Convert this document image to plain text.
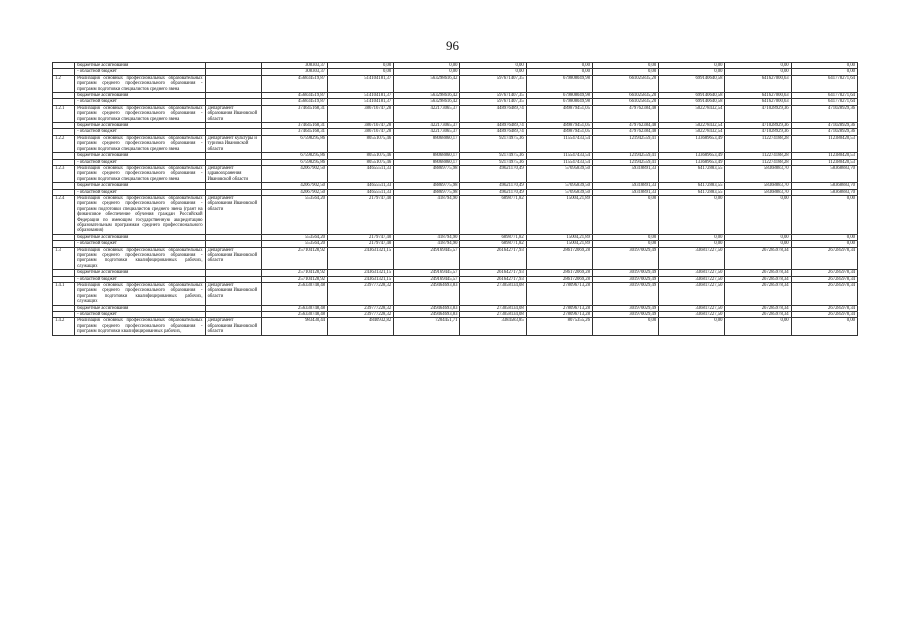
96
	бюджетные ассигнования		308303,37	0,00	0,00	0,00	0,00	0,00	0,00	0,00	0,00
	- областной бюджет		308303,37	0,00	0,00	0,00	0,00	0,00	0,00	0,00	0,00
1.2	Реализация основных профессиональных образовательных программ среднего профессионального образования - программ подготовки специалистов среднего звена		456834519,87	514104181,37	563298616,42	597671407,35	679808049,98	661025835,20	699140640,58	641627000,63	641778271,64
	бюджетные ассигнования		456834519,87	514104181,37	563298616,42	597671407,35	679808049,98	661025835,20	699140640,58	641627000,63	641778271,64
	- областной бюджет		456834519,87	514104181,37	563298616,42	597671407,35	679808049,98	661025835,20	699140640,58	641627000,63	641778271,64
1.2.1	Реализация основных профессиональных образовательных программ среднего профессионального образования - программ подготовки специалистов среднего звена	Департамент образования Ивановской области	374645168,31	386716747,28	422173065,37	448976489,74	489879451,05	479762384,48	502278432,54	471028929,36	471028929,36
	бюджетные ассигнования		374645168,31	386716747,28	422173065,37	448976489,74	489879451,05	479762384,48	502278432,54	471028929,36	471028929,36
	- областной бюджет		374645168,31	386716747,28	422173065,37	448976489,74	489879451,05	479762384,48	502278432,54	471028929,36	471028929,36
1.2.2	Реализация основных профессиональных образовательных программ среднего профессионального образования - программ подготовки специалистов среднего звена	Департамент культуры и туризма Ивановской области	67598295,86	80551075,46	88068860,17	92174975,36	115547433,54	121942559,41	133689653,49	112274188,28	112380420,53
	бюджетные ассигнования		67598295,86	80551075,46	88068860,17	92174975,36	115547433,54	121942559,41	133689653,49	112274188,28	112380420,53
	- областной бюджет		67598295,86	80551075,46	88068860,17	92174975,36	115547433,54	121942559,41	133689653,49	112274188,28	112380420,53
1.2.3	Реализация основных профессиональных образовательных программ среднего профессионального образования - программ подготовки специалистов среднего звена	Департамент здравоохранения Ивановской области	42067902,50	44655511,33	48869775,98	49621170,49	57695839,50	59318891,33	64172883,55	58368883,70	58368883,70
	бюджетные ассигнования		42067902,50	44655511,33	48869775,98	49621170,49	57695839,50	59318891,33	64172883,55	58368883,70	58368883,70
	- областной бюджет		42067902,50	44655511,33	48869775,98	49621170,49	57695839,50	59318891,33	64172883,55	58368883,70	58368883,70
1.2.4	Реализация основных профессиональных образовательных программ среднего профессионального образования - программ подготовки специалистов среднего звена (грант на финансовое обеспечение обучения граждан Российской Федерации по имеющим государственную аккредитацию образовательным программам среднего профессионального образования)	Департамент образования Ивановской области	553564,20	2179747,40	418794,90	6898771,82	15004,21,89	0,00	0,00	0,00	0,00
	бюджетные ассигнования		553564,20	2179747,40	418794,90	6898771,82	15004,21,89	0,00	0,00	0,00	0,00
	- областной бюджет		553564,20	2179747,40	418794,90	6898771,82	15004,21,89	0,00	0,00	0,00	0,00
1.3	Реализация основных профессиональных образовательных программ среднего профессионального образования - программ подготовки квалифицированных рабочих, служащих	Департамент образования Ивановской области	257104128,92	243631321,15	249169445,57	261642717,93	286172069,28	301970029,49	336817227,50	267285978,34	267285978,34
	бюджетные ассигнования		257104128,92	243631321,15	249169445,57	261642717,93	286172069,28	301970029,49	336817227,50	267285978,34	267285978,34
	- областной бюджет		257104128,92	243631321,15	249169445,57	261642717,93	286172069,28	301970029,49	336817227,50	267285978,34	267285978,34
1.4.1	Реализация основных профессиональных образовательных программ среднего профессионального образования - программ подготовки квалифицированных рабочих, служащих	Департамент образования Ивановской области	256330748,48	239777228,32	249464693,83	273058134,08	278096713,28	301970029,49	336817227,50	267285978,34	267285978,34
	бюджетные ассигнования		256330748,48	239777228,32	249464693,83	273058134,08	278096713,28	301970029,49	336817227,50	267285978,34	267285978,34
	- областной бюджет		256330748,48	239777228,32	249464693,83	273058134,08	278096713,28	301970029,49	336817227,50	267285978,34	267285978,34
1.4.2	Реализация основных профессиональных образовательных программ среднего профессионального образования - программ подготовки квалифицированных рабочих,	Департамент образования Ивановской области	983430,44	4840932,82	7204451,71	3384583,85	8075355,26	0,00	0,00	0,00	0,00
